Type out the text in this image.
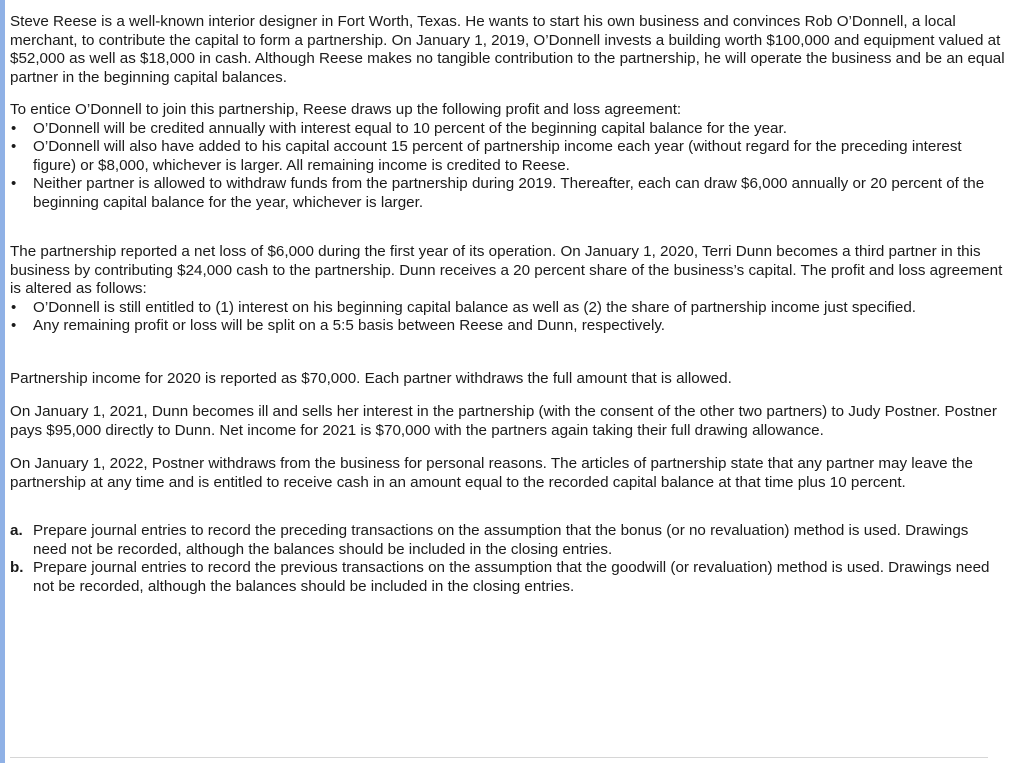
Steve Reese is a well-known interior designer in Fort Worth, Texas. He wants to start his own business and convinces Rob O’Donnell, a local merchant, to contribute the capital to form a partnership. On January 1, 2019, O’Donnell invests a building worth $100,000 and equipment valued at $52,000 as well as $18,000 in cash. Although Reese makes no tangible contribution to the partnership, he will operate the business and be an equal partner in the beginning capital balances.

To entice O’Donnell to join this partnership, Reese draws up the following profit and loss agreement:

• O’Donnell will be credited annually with interest equal to 10 percent of the beginning capital balance for the year.
• O’Donnell will also have added to his capital account 15 percent of partnership income each year (without regard for the preceding interest figure) or $8,000, whichever is larger. All remaining income is credited to Reese.
• Neither partner is allowed to withdraw funds from the partnership during 2019. Thereafter, each can draw $6,000 annually or 20 percent of the beginning capital balance for the year, whichever is larger.

The partnership reported a net loss of $6,000 during the first year of its operation. On January 1, 2020, Terri Dunn becomes a third partner in this business by contributing $24,000 cash to the partnership. Dunn receives a 20 percent share of the business’s capital. The profit and loss agreement is altered as follows:

• O’Donnell is still entitled to (1) interest on his beginning capital balance as well as (2) the share of partnership income just specified.
• Any remaining profit or loss will be split on a 5:5 basis between Reese and Dunn, respectively.

Partnership income for 2020 is reported as $70,000. Each partner withdraws the full amount that is allowed.

On January 1, 2021, Dunn becomes ill and sells her interest in the partnership (with the consent of the other two partners) to Judy Postner. Postner pays $95,000 directly to Dunn. Net income for 2021 is $70,000 with the partners again taking their full drawing allowance.

On January 1, 2022, Postner withdraws from the business for personal reasons. The articles of partnership state that any partner may leave the partnership at any time and is entitled to receive cash in an amount equal to the recorded capital balance at that time plus 10 percent.

a. Prepare journal entries to record the preceding transactions on the assumption that the bonus (or no revaluation) method is used. Drawings need not be recorded, although the balances should be included in the closing entries.
b. Prepare journal entries to record the previous transactions on the assumption that the goodwill (or revaluation) method is used. Drawings need not be recorded, although the balances should be included in the closing entries.
